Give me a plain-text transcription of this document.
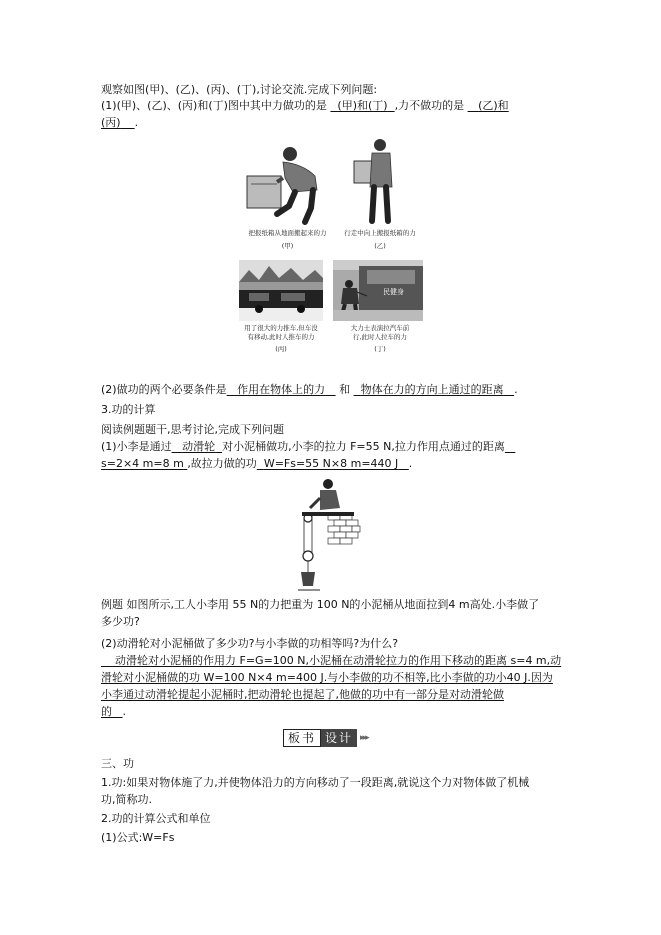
观察如图(甲)、(乙)、(丙)、(丁),讨论交流.完成下列问题:
(1)(甲)、(乙)、(丙)和(丁)图中其中力做功的是 (甲)和(丁) ,力不做功的是 (乙)和
(丙) .
把报纸箱从地面搬起来的力
(甲)
行走中向上搬报纸箱的力
(乙)
用了很大的力推车,但车没
有移动,此时人推车的力
(丙)
民健身
大力士表演拉汽车前
行,此时人拉车的力
(丁)
(2)做功的两个必要条件是 作用在物体上的力 和 物体在力的方向上通过的距离 .
3.功的计算
阅读例题题干,思考讨论,完成下列问题
(1)小李是通过 动滑轮 对小泥桶做功,小李的拉力 F=55 N,拉力作用点通过的距离
s=2×4 m=8 m ,故拉力做的功 W=Fs=55 N×8 m=440 J .
例题 如图所示,工人小李用 55 N的力把重为 100 N的小泥桶从地面拉到4 m高处.小李做了
多少功?
(2)动滑轮对小泥桶做了多少功?与小李做的功相等吗?为什么?
动滑轮对小泥桶的作用力 F=G=100 N,小泥桶在动滑轮拉力的作用下移动的距离 s=4 m,动
滑轮对小泥桶做的功 W=100 N×4 m=400 J.与小李做的功不相等,比小李做的功小40 J.因为
小李通过动滑轮提起小泥桶时,把动滑轮也提起了,他做的功中有一部分是对动滑轮做
的 .
板书 设计 ▸▸▸
三、功
1.功:如果对物体施了力,并使物体沿力的方向移动了一段距离,就说这个力对物体做了机械
功,简称功.
2.功的计算公式和单位
(1)公式:W=Fs
